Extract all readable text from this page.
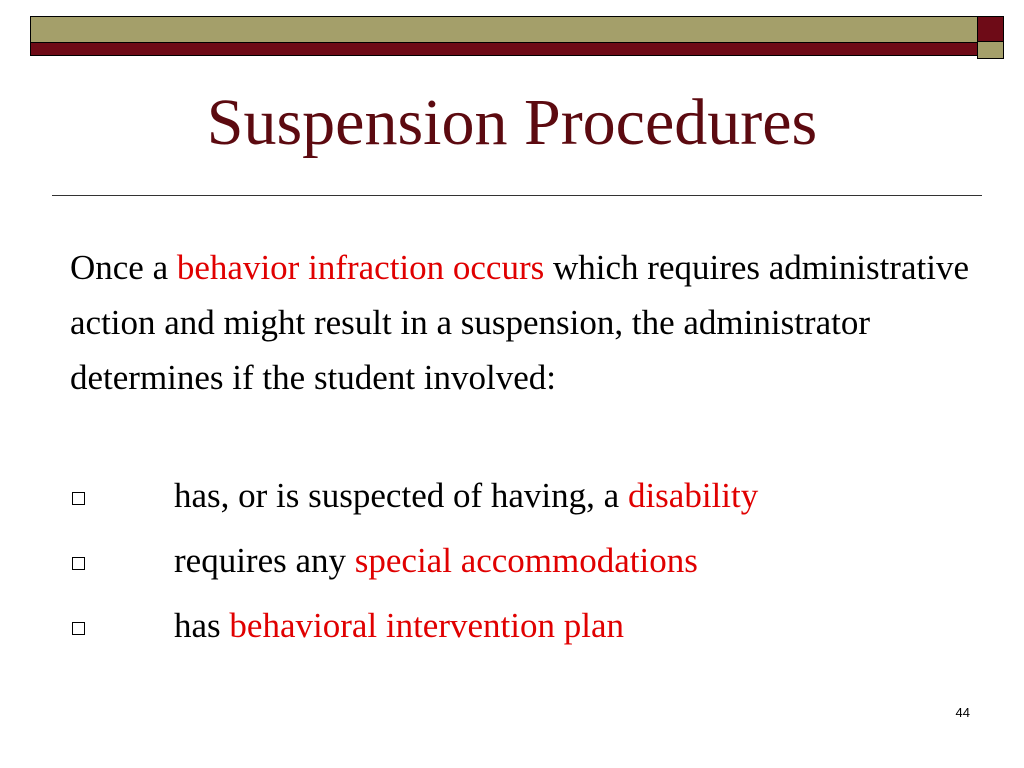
Suspension Procedures
Once a behavior infraction occurs which requires administrative action and might result in a suspension, the administrator determines if the student involved:
has, or is suspected of having, a disability
requires any special accommodations
has behavioral intervention plan
44
